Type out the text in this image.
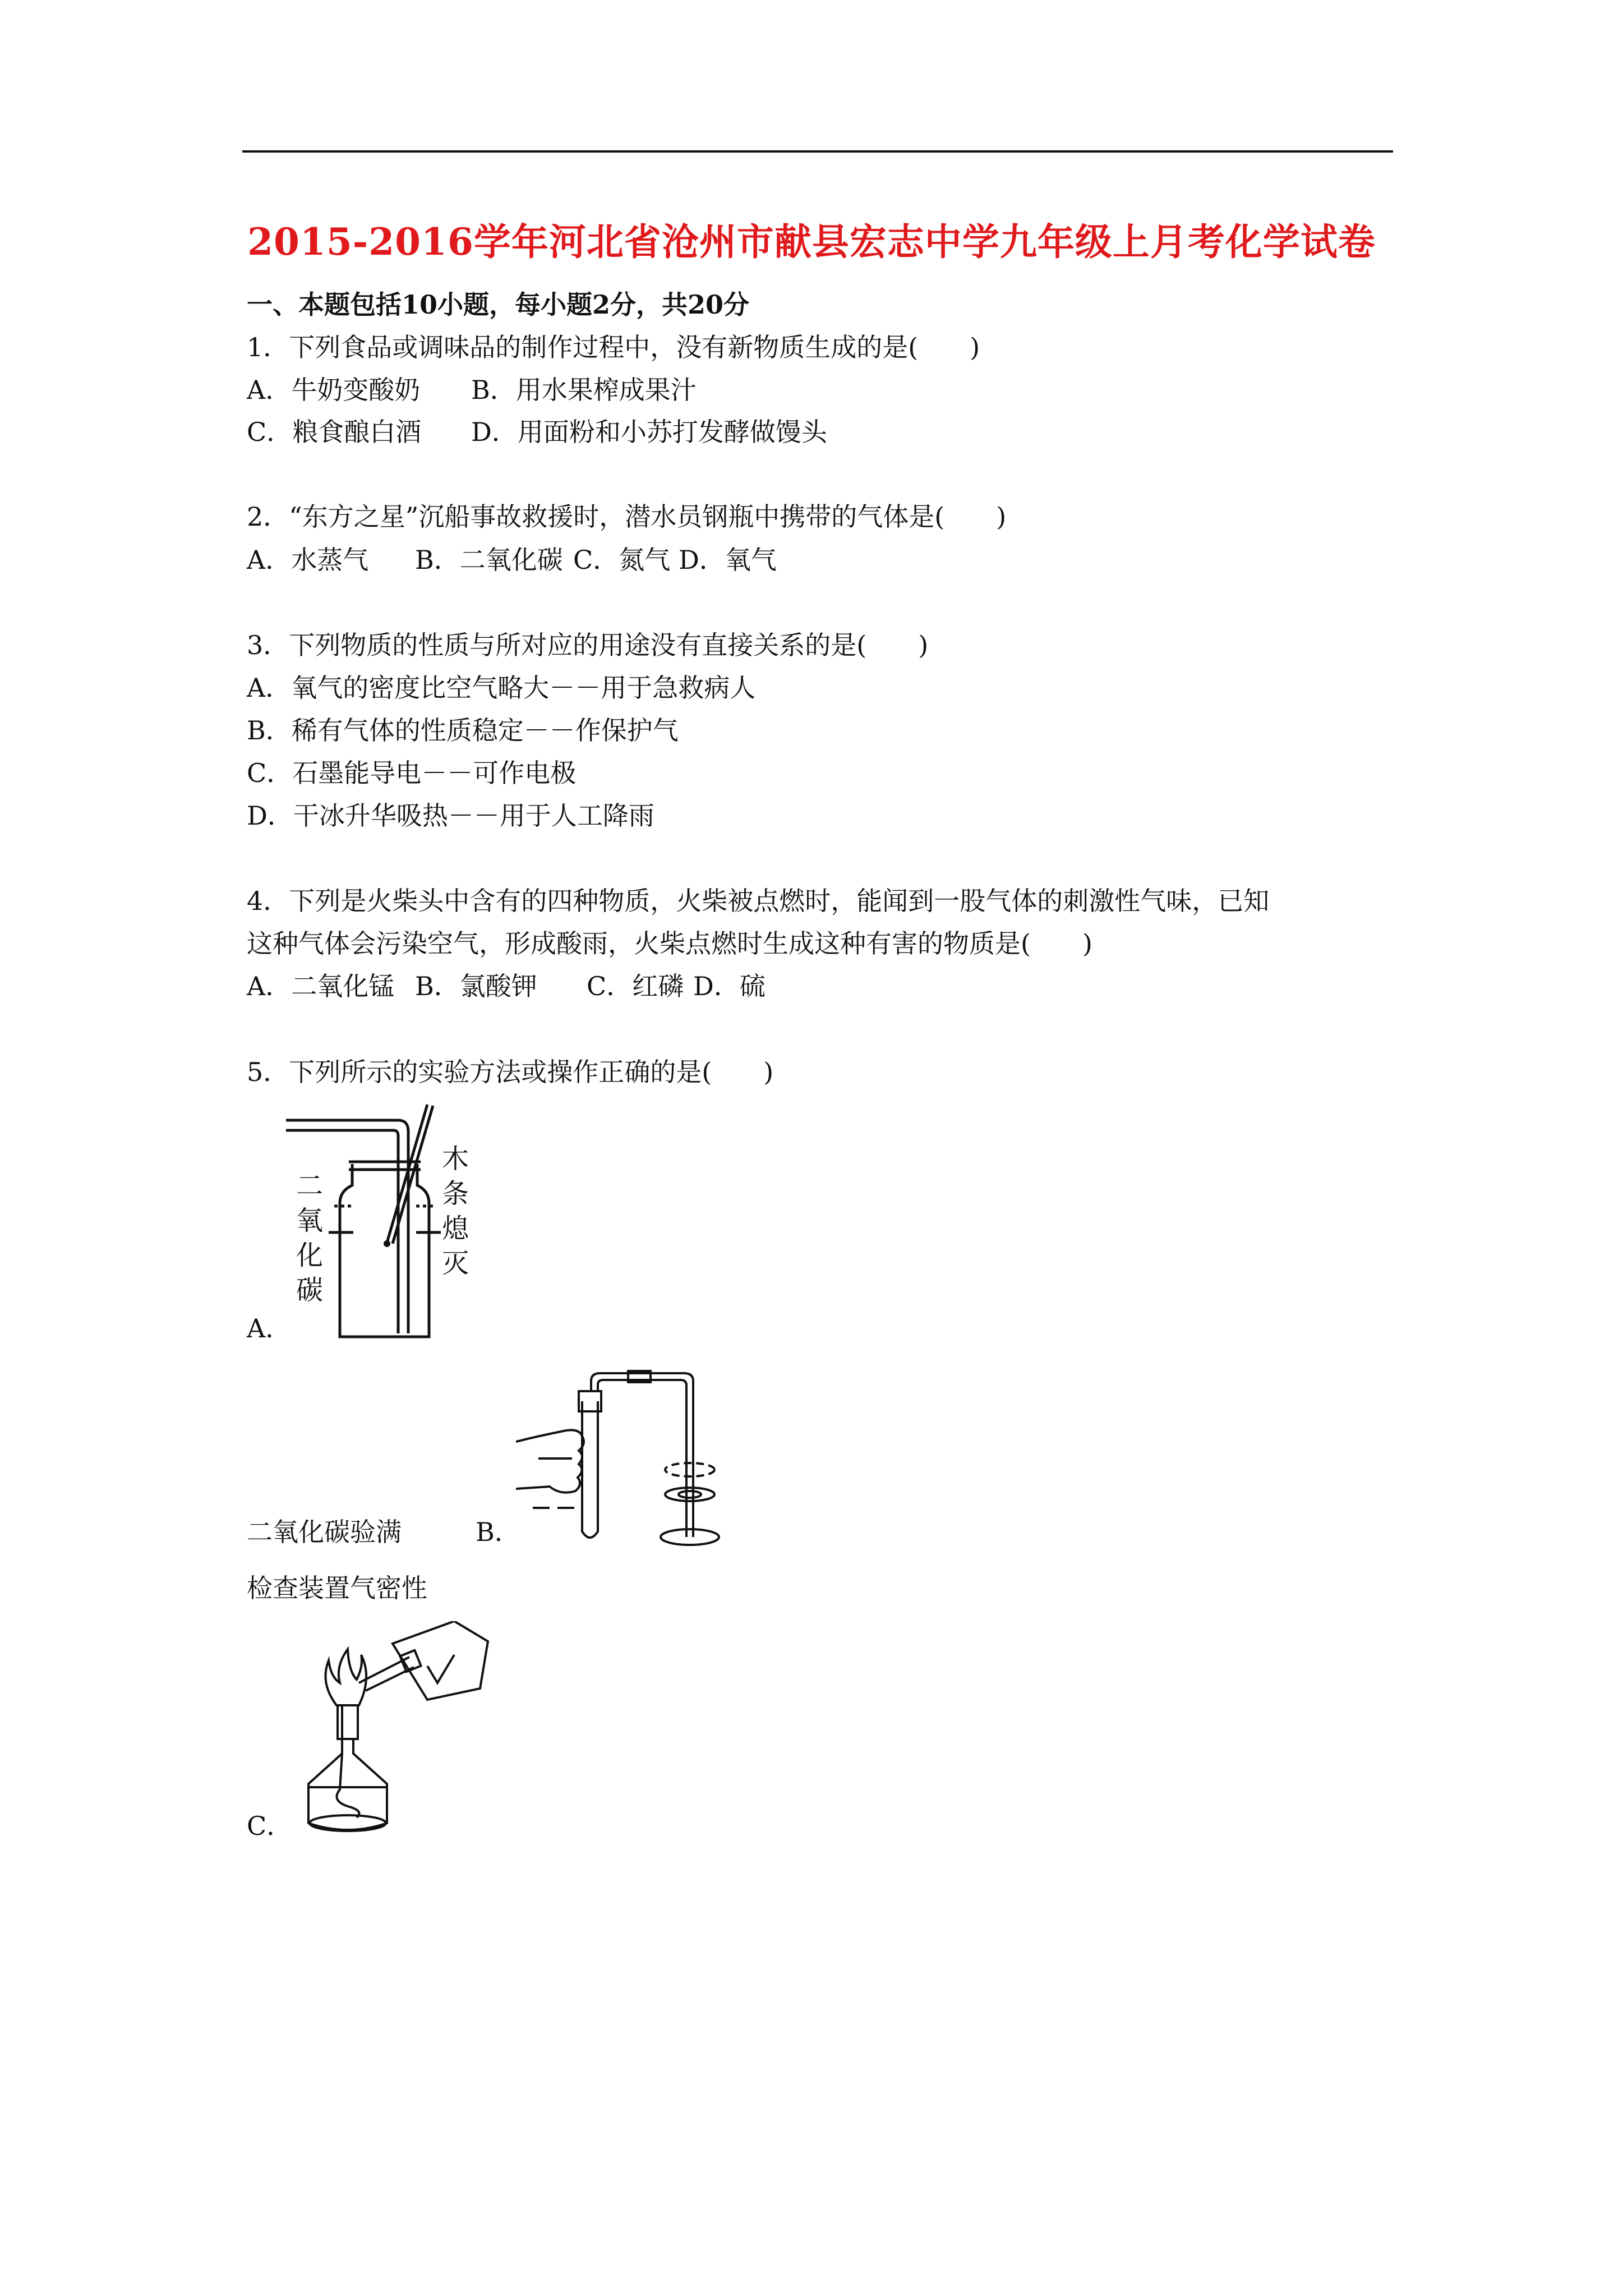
2015-2016学年河北省沧州市献县宏志中学九年级上月考化学试卷
一、本题包括10小题，每小题2分，共20分
1．下列食品或调味品的制作过程中，没有新物质生成的是(　　)
A．牛奶变酸奶 B．用水果榨成果汁
C．粮食酿白酒 D．用面粉和小苏打发酵做馒头
2．“东方之星”沉船事故救援时，潜水员钢瓶中携带的气体是(　　)
A．水蒸气 B．二氧化碳 C．氮气 D．氧气
3．下列物质的性质与所对应的用途没有直接关系的是(　　)
A．氧气的密度比空气略大－－用于急救病人
B．稀有气体的性质稳定－－作保护气
C．石墨能导电－－可作电极
D．干冰升华吸热－－用于人工降雨
4．下列是火柴头中含有的四种物质，火柴被点燃时，能闻到一股气体的刺激性气味，已知
这种气体会污染空气，形成酸雨，火柴点燃时生成这种有害的物质是(　　)
A．二氧化锰 B．氯酸钾 C．红磷 D．硫
5．下列所示的实验方法或操作正确的是(　　)
二
氧
化
碳
木
条
熄
灭
A．
二氧化碳验满	B．
检查装置气密性
C．
